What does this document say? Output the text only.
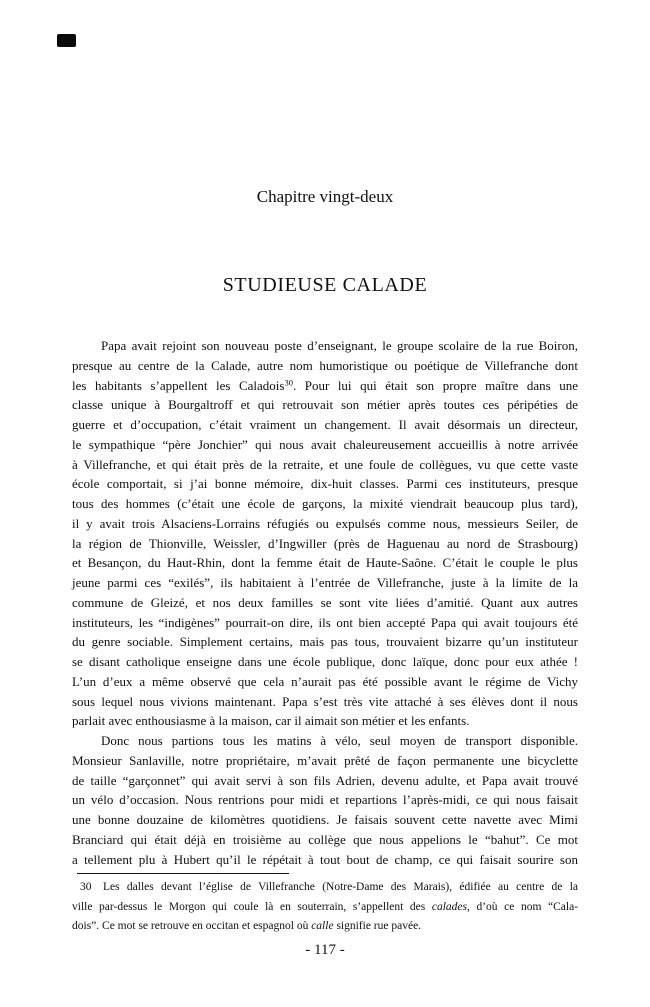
Chapitre vingt-deux
STUDIEUSE CALADE
Papa avait rejoint son nouveau poste d’enseignant, le groupe scolaire de la rue Boiron,
presque au centre de la Calade, autre nom humoristique ou poétique de Villefranche dont
les habitants s’appellent les Caladois$^{30}$. Pour lui qui était son propre maître dans une
classe unique à Bourgaltroff et qui retrouvait son métier après toutes ces péripéties de
guerre et d’occupation, c’était vraiment un changement. Il avait désormais un directeur,
le sympathique “père Jonchier” qui nous avait chaleureusement accueillis à notre arrivée
à Villefranche, et qui était près de la retraite, et une foule de collègues, vu que cette vaste
école comportait, si j’ai bonne mémoire, dix-huit classes. Parmi ces instituteurs, presque
tous des hommes (c’était une école de garçons, la mixité viendrait beaucoup plus tard),
il y avait trois Alsaciens-Lorrains réfugiés ou expulsés comme nous, messieurs Seiler, de
la région de Thionville, Weissler, d’Ingwiller (près de Haguenau au nord de Strasbourg)
et Besançon, du Haut-Rhin, dont la femme était de Haute-Saône. C’était le couple le plus
jeune parmi ces “exilés”, ils habitaient à l’entrée de Villefranche, juste à la limite de la
commune de Gleizé, et nos deux familles se sont vite liées d’amitié. Quant aux autres
instituteurs, les “indigènes” pourrait-on dire, ils ont bien accepté Papa qui avait toujours été
du genre sociable. Simplement certains, mais pas tous, trouvaient bizarre qu’un instituteur
se disant catholique enseigne dans une école publique, donc laïque, donc pour eux athée !
L’un d’eux a même observé que cela n’aurait pas été possible avant le régime de Vichy
sous lequel nous vivions maintenant. Papa s’est très vite attaché à ses élèves dont il nous
parlait avec enthousiasme à la maison, car il aimait son métier et les enfants.
Donc nous partions tous les matins à vélo, seul moyen de transport disponible.
Monsieur Sanlaville, notre propriétaire, m’avait prêté de façon permanente une bicyclette
de taille “garçonnet” qui avait servi à son fils Adrien, devenu adulte, et Papa avait trouvé
un vélo d’occasion. Nous rentrions pour midi et repartions l’après-midi, ce qui nous faisait
une bonne douzaine de kilomètres quotidiens. Je faisais souvent cette navette avec Mimi
Branciard qui était déjà en troisième au collège que nous appelions le “bahut”. Ce mot
a tellement plu à Hubert qu’il le répétait à tout bout de champ, ce qui faisait sourire son
30  Les dalles devant l’église de Villefranche (Notre-Dame des Marais), édifiée au centre de la
ville par-dessus le Morgon qui coule là en souterrain, s’appellent des calades, d’où ce nom “Cala-
dois”. Ce mot se retrouve en occitan et espagnol où calle signifie rue pavée.
- 117 -
